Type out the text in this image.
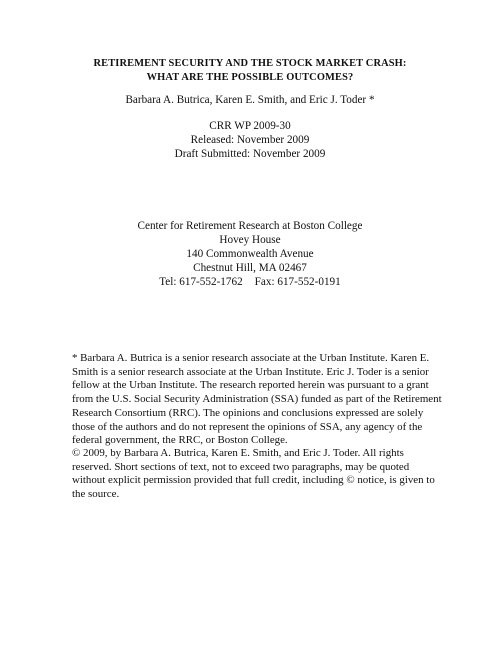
RETIREMENT SECURITY AND THE STOCK MARKET CRASH:
WHAT ARE THE POSSIBLE OUTCOMES?
Barbara A. Butrica, Karen E. Smith, and Eric J. Toder *
CRR WP 2009-30
Released: November 2009
Draft Submitted: November 2009
Center for Retirement Research at Boston College
Hovey House
140 Commonwealth Avenue
Chestnut Hill, MA 02467
Tel: 617-552-1762 Fax: 617-552-0191
* Barbara A. Butrica is a senior research associate at the Urban Institute. Karen E.
Smith is a senior research associate at the Urban Institute. Eric J. Toder is a senior
fellow at the Urban Institute. The research reported herein was pursuant to a grant
from the U.S. Social Security Administration (SSA) funded as part of the Retirement
Research Consortium (RRC). The opinions and conclusions expressed are solely
those of the authors and do not represent the opinions of SSA, any agency of the
federal government, the RRC, or Boston College.
© 2009, by Barbara A. Butrica, Karen E. Smith, and Eric J. Toder. All rights
reserved. Short sections of text, not to exceed two paragraphs, may be quoted
without explicit permission provided that full credit, including © notice, is given to
the source.
